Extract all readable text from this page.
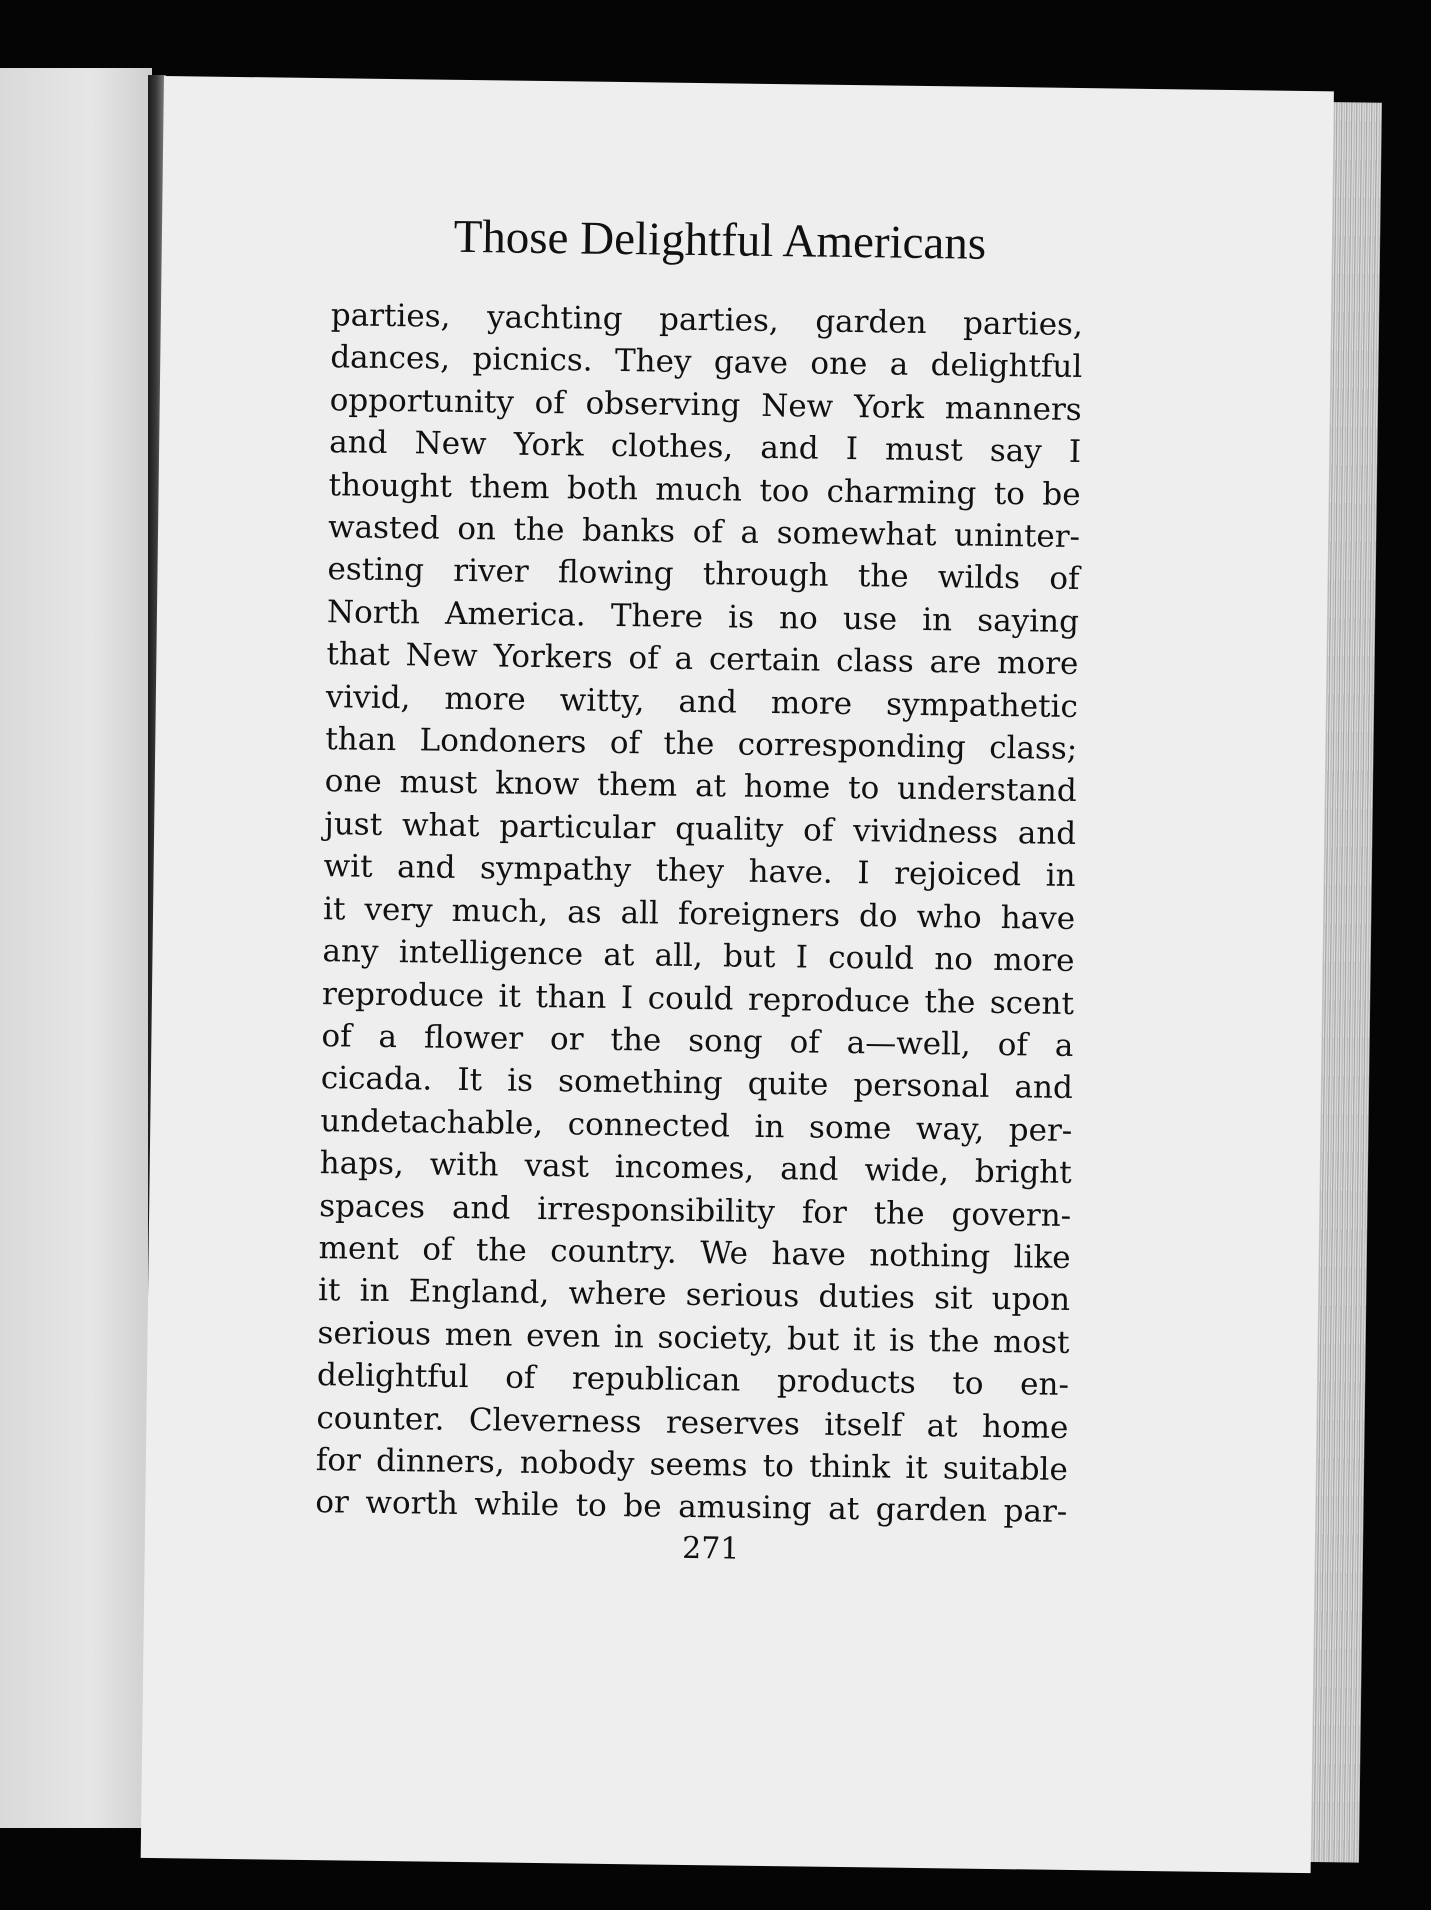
Those Delightful Americans
parties, yachting parties, garden parties,
dances, picnics. They gave one a delightful
opportunity of observing New York manners
and New York clothes, and I must say I
thought them both much too charming to be
wasted on the banks of a somewhat uninter-
esting river flowing through the wilds of
North America. There is no use in saying
that New Yorkers of a certain class are more
vivid, more witty, and more sympathetic
than Londoners of the corresponding class;
one must know them at home to understand
just what particular quality of vividness and
wit and sympathy they have. I rejoiced in
it very much, as all foreigners do who have
any intelligence at all, but I could no more
reproduce it than I could reproduce the scent
of a flower or the song of a—well, of a
cicada. It is something quite personal and
undetachable, connected in some way, per-
haps, with vast incomes, and wide, bright
spaces and irresponsibility for the govern-
ment of the country. We have nothing like
it in England, where serious duties sit upon
serious men even in society, but it is the most
delightful of republican products to en-
counter. Cleverness reserves itself at home
for dinners, nobody seems to think it suitable
or worth while to be amusing at garden par-

271
